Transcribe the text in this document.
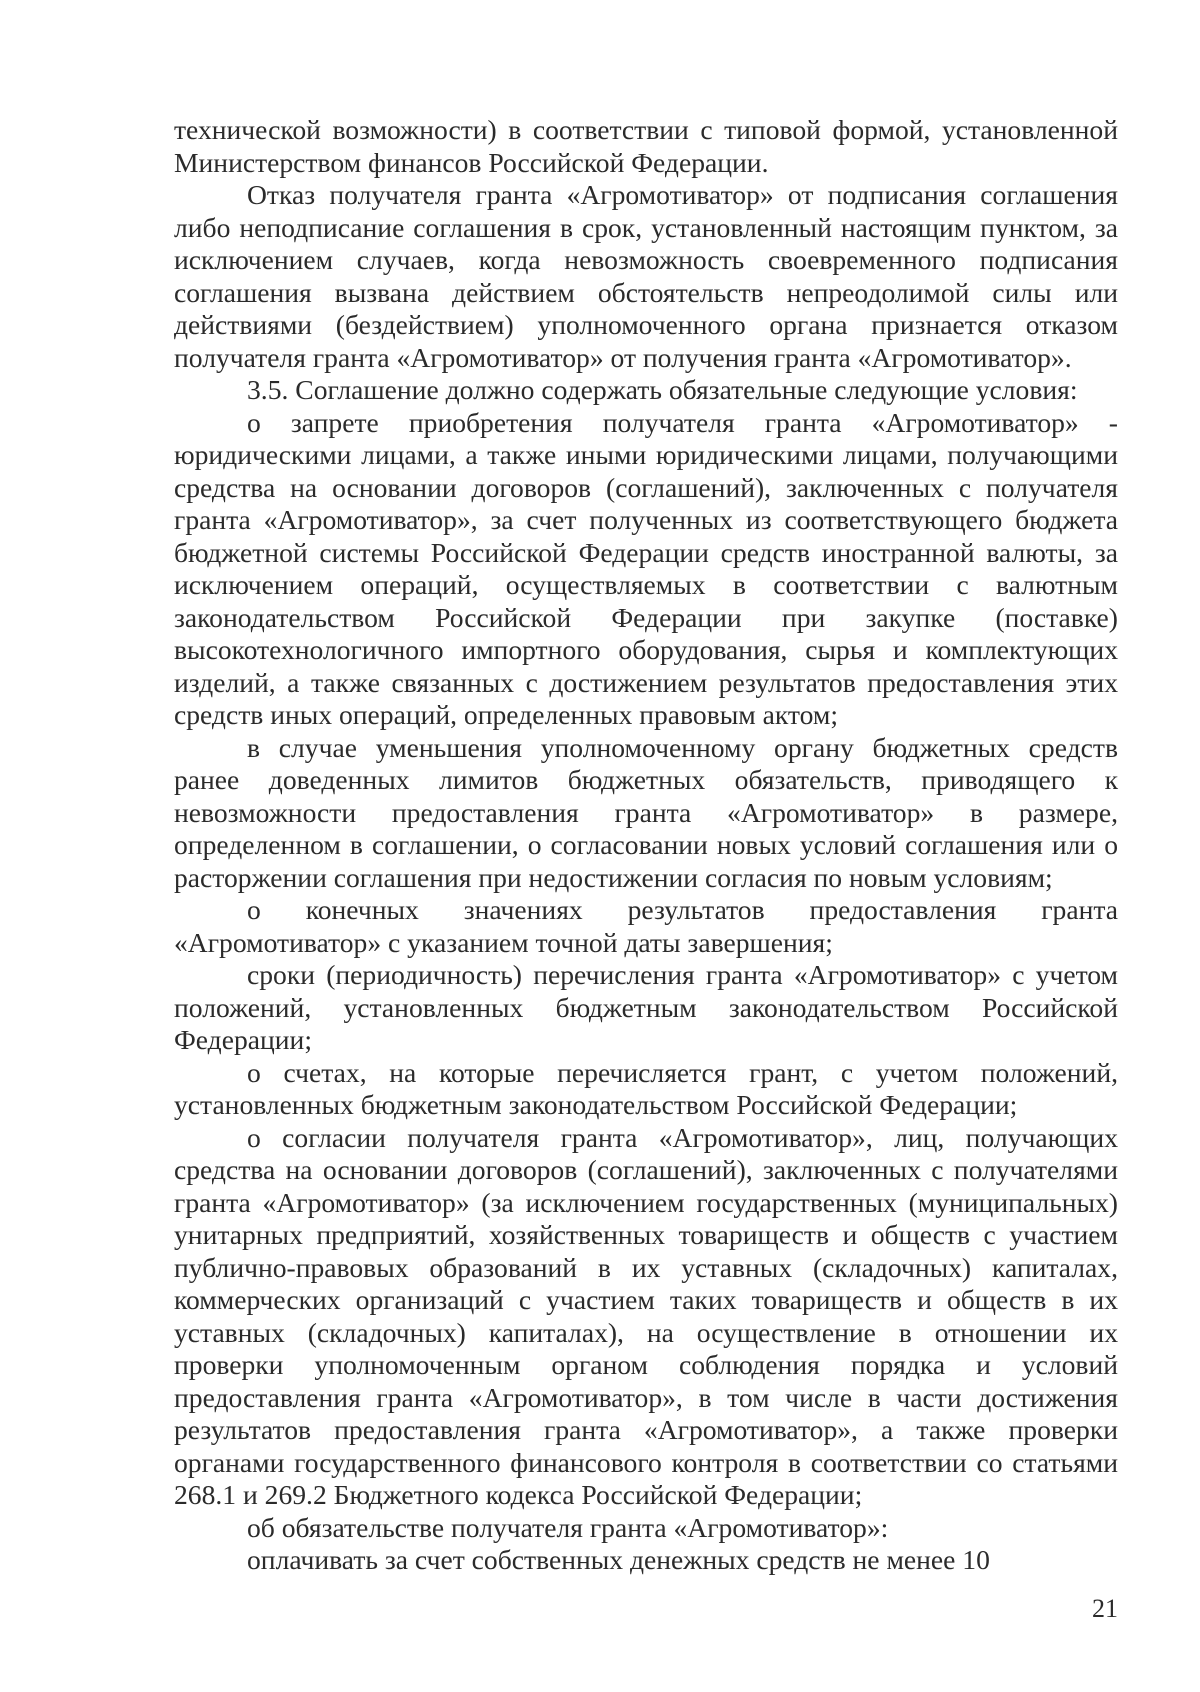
технической возможности) в соответствии с типовой формой, установленной Министерством финансов Российской Федерации.

Отказ получателя гранта «Агромотиватор» от подписания соглашения либо неподписание соглашения в срок, установленный настоящим пунктом, за исключением случаев, когда невозможность своевременного подписания соглашения вызвана действием обстоятельств непреодолимой силы или действиями (бездействием) уполномоченного органа признается отказом получателя гранта «Агромотиватор» от получения гранта «Агромотиватор».

3.5. Соглашение должно содержать обязательные следующие условия:

о запрете приобретения получателя гранта «Агромотиватор» - юридическими лицами, а также иными юридическими лицами, получающими средства на основании договоров (соглашений), заключенных с получателя гранта «Агромотиватор», за счет полученных из соответствующего бюджета бюджетной системы Российской Федерации средств иностранной валюты, за исключением операций, осуществляемых в соответствии с валютным законодательством Российской Федерации при закупке (поставке) высокотехнологичного импортного оборудования, сырья и комплектующих изделий, а также связанных с достижением результатов предоставления этих средств иных операций, определенных правовым актом;

в случае уменьшения уполномоченному органу бюджетных средств ранее доведенных лимитов бюджетных обязательств, приводящего к невозможности предоставления гранта «Агромотиватор» в размере, определенном в соглашении, о согласовании новых условий соглашения или о расторжении соглашения при недостижении согласия по новым условиям;

о конечных значениях результатов предоставления гранта «Агромотиватор» с указанием точной даты завершения;

сроки (периодичность) перечисления гранта «Агромотиватор» с учетом положений, установленных бюджетным законодательством Российской Федерации;

о счетах, на которые перечисляется грант, с учетом положений, установленных бюджетным законодательством Российской Федерации;

о согласии получателя гранта «Агромотиватор», лиц, получающих средства на основании договоров (соглашений), заключенных с получателями гранта «Агромотиватор» (за исключением государственных (муниципальных) унитарных предприятий, хозяйственных товариществ и обществ с участием публично-правовых образований в их уставных (складочных) капиталах, коммерческих организаций с участием таких товариществ и обществ в их уставных (складочных) капиталах), на осуществление в отношении их проверки уполномоченным органом соблюдения порядка и условий предоставления гранта «Агромотиватор», в том числе в части достижения результатов предоставления гранта «Агромотиватор», а также проверки органами государственного финансового контроля в соответствии со статьями 268.1 и 269.2 Бюджетного кодекса Российской Федерации;

об обязательстве получателя гранта «Агромотиватор»:

оплачивать за счет собственных денежных средств не менее 10

21
